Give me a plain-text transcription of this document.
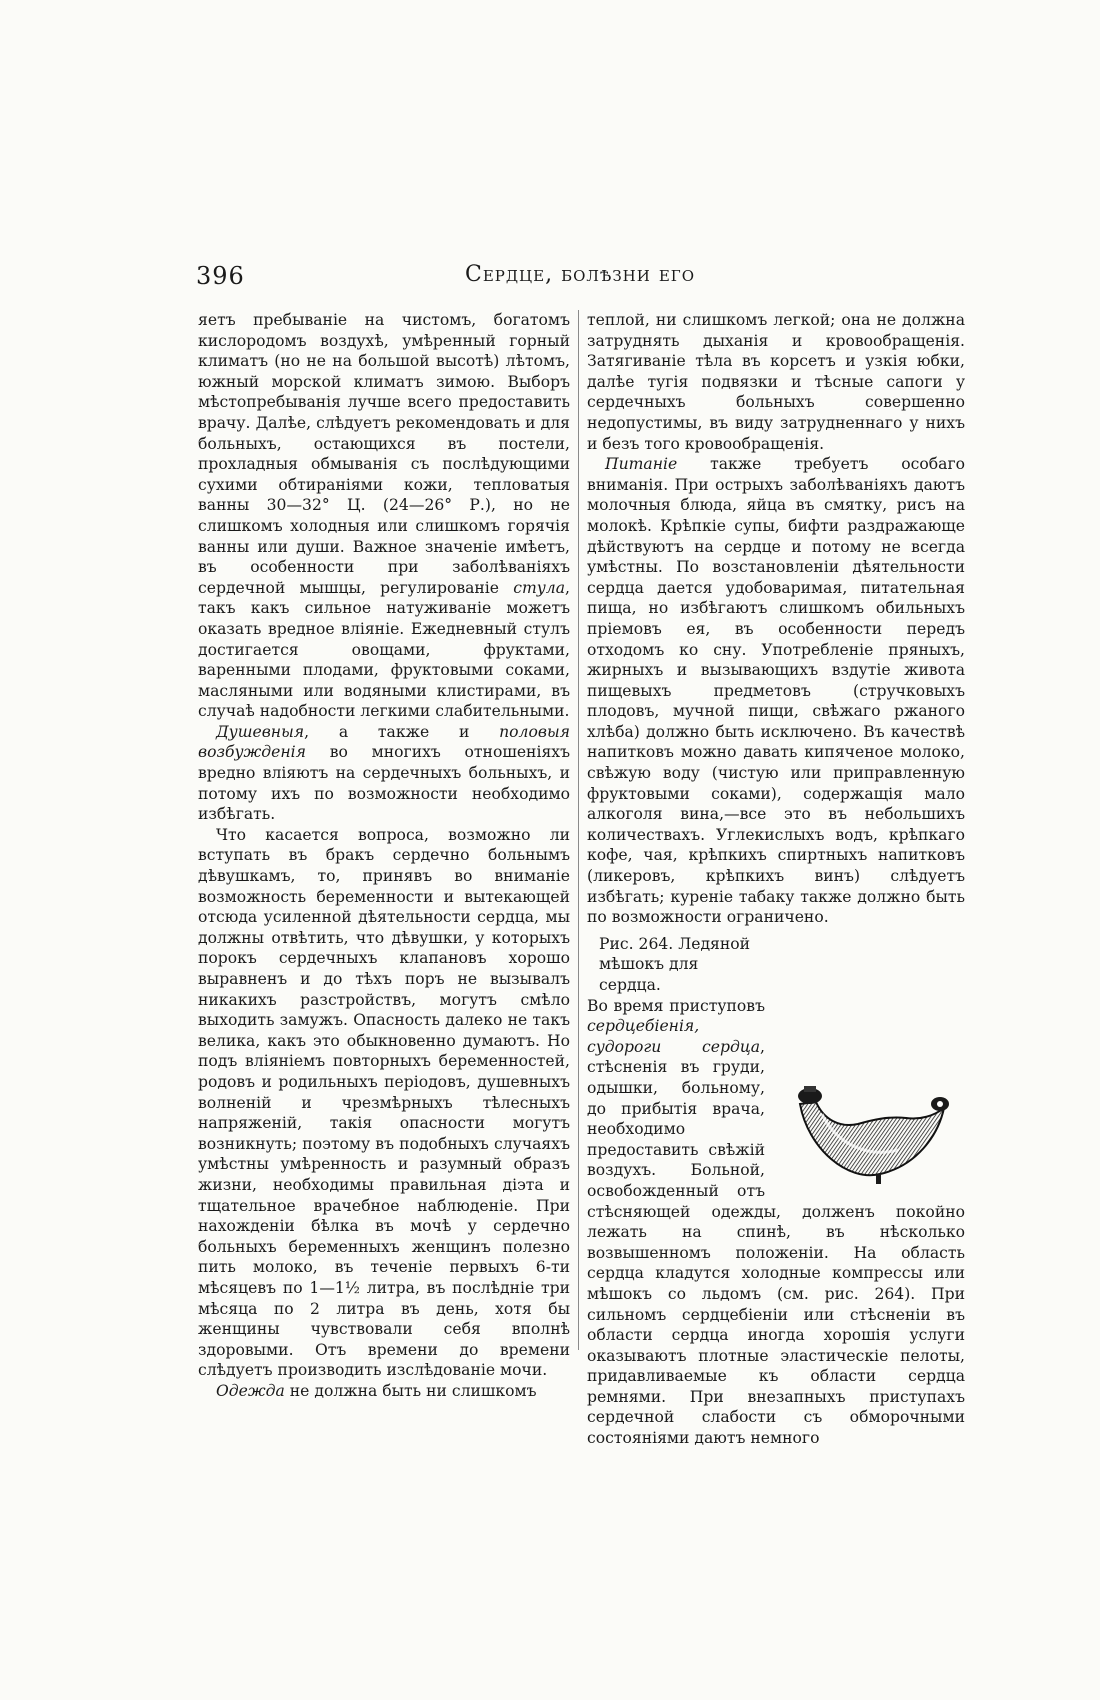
396	Сердце, болѣзни его

яетъ пребываніе на чистомъ, богатомъ кислородомъ воздухѣ, умѣренный горный климатъ (но не на большой высотѣ) лѣтомъ, южный морской климатъ зимою. Выборъ мѣстопребыванія лучше всего предоставить врачу. Далѣе, слѣдуетъ рекомендовать и для больныхъ, остающихся въ постели, прохладныя обмыванія съ послѣдующими сухими обтираніями кожи, тепловатыя ванны 30—32° Ц. (24—26° Р.), но не слишкомъ холодныя или слишкомъ горячія ванны или души. Важное значеніе имѣетъ, въ особенности при заболѣваніяхъ сердечной мышцы, регулированіе стула, такъ какъ сильное натуживаніе можетъ оказать вредное вліяніе. Ежедневный стулъ достигается овощами, фруктами, варенными плодами, фруктовыми соками, масляными или водяными клистирами, въ случаѣ надобности легкими слабительными.

Душевныя, а также и половыя возбужденія во многихъ отношеніяхъ вредно вліяютъ на сердечныхъ больныхъ, и потому ихъ по возможности необходимо избѣгать.

Что касается вопроса, возможно ли вступать въ бракъ сердечно больнымъ дѣвушкамъ, то, принявъ во вниманіе возможность беременности и вытекающей отсюда усиленной дѣятельности сердца, мы должны отвѣтить, что дѣвушки, у которыхъ порокъ сердечныхъ клапановъ хорошо выравненъ и до тѣхъ поръ не вызывалъ никакихъ разстройствъ, могутъ смѣло выходить замужъ. Опасность далеко не такъ велика, какъ это обыкновенно думаютъ. Но подъ вліяніемъ повторныхъ беременностей, родовъ и родильныхъ періодовъ, душевныхъ волненій и чрезмѣрныхъ тѣлесныхъ напряженій, такія опасности могутъ возникнуть; поэтому въ подобныхъ случаяхъ умѣстны умѣренность и разумный образъ жизни, необходимы правильная діэта и тщательное врачебное наблюденіе. При нахожденіи бѣлка въ мочѣ у сердечно больныхъ беременныхъ женщинъ полезно пить молоко, въ теченіе первыхъ 6-ти мѣсяцевъ по 1—1½ литра, въ послѣдніе три мѣсяца по 2 литра въ день, хотя бы женщины чувствовали себя вполнѣ здоровыми. Отъ времени до времени слѣдуетъ производить изслѣдованіе мочи.

Одежда не должна быть ни слишкомъ

теплой, ни слишкомъ легкой; она не должна затруднять дыханія и кровообращенія. Затягиваніе тѣла въ корсетъ и узкія юбки, далѣе тугія подвязки и тѣсные сапоги у сердечныхъ больныхъ совершенно недопустимы, въ виду затрудненнаго у нихъ и безъ того кровообращенія.

Питаніе также требуетъ особаго вниманія. При острыхъ заболѣваніяхъ даютъ молочныя блюда, яйца въ смятку, рисъ на молокѣ. Крѣпкіе супы, бифти раздражающе дѣйствуютъ на сердце и потому не всегда умѣстны. По возстановленіи дѣятельности сердца дается удобоваримая, питательная пища, но избѣгаютъ слишкомъ обильныхъ пріемовъ ея, въ особенности передъ отходомъ ко сну. Употребленіе пряныхъ, жирныхъ и вызывающихъ вздутіе живота пищевыхъ предметовъ (стручковыхъ плодовъ, мучной пищи, свѣжаго ржаного хлѣба) должно быть исключено. Въ качествѣ напитковъ можно давать кипяченое молоко, свѣжую воду (чистую или приправленную фруктовыми соками), содержащія мало алкоголя вина,—все это въ небольшихъ количествахъ. Углекислыхъ водъ, крѣпкаго кофе, чая, крѣпкихъ спиртныхъ напитковъ (ликеровъ, крѣпкихъ винъ) слѣдуетъ избѣгать; куреніе табаку также должно быть по возможности ограничено.

Рис. 264. Ледяной мѣшокъ для сердца.
Во время приступовъ сердцебіенія, судороги сердца, стѣсненія въ груди, одышки, больному, до прибытія врача, необходимо предоставить свѣжій воздухъ. Больной, освобожденный отъ стѣсняющей одежды, долженъ покойно лежать на спинѣ, въ нѣсколько возвышенномъ положеніи. На область сердца кладутся холодные компрессы или мѣшокъ со льдомъ (см. рис. 264). При сильномъ сердцебіеніи или стѣсненіи въ области сердца иногда хорошія услуги оказываютъ плотные эластическіе пелоты, придавливаемые къ области сердца ремнями. При внезапныхъ приступахъ сердечной слабости съ обморочными состояніями даютъ немного
